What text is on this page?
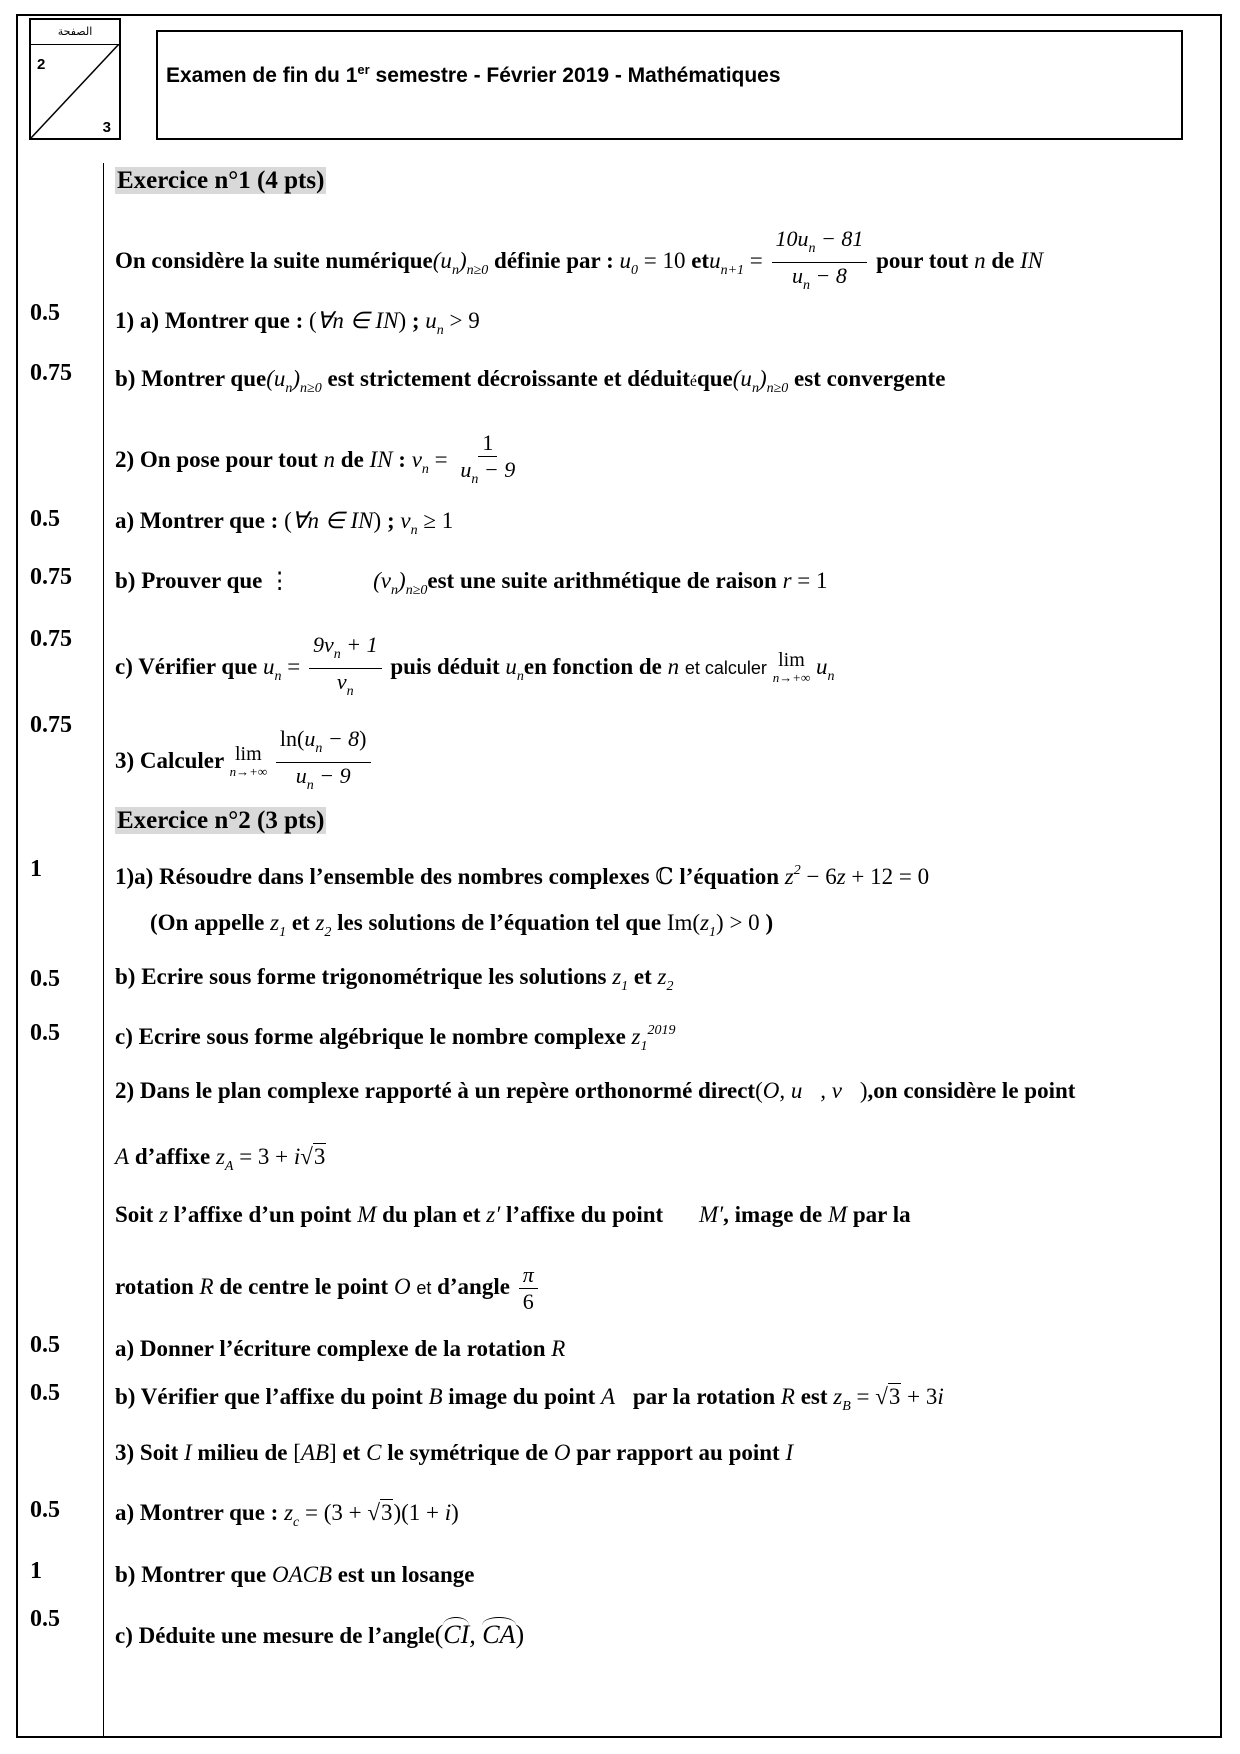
الصفحة
2
3
Examen de fin du 1er semestre - Février 2019 - Mathématiques
0.5
0.75
0.5
0.75
0.75
0.75
1
0.5
0.5
0.5
0.5
0.5
1
0.5
Exercice n°1 (4 pts)
On considère la suite $numérique(u_n)_{n\ge 0}$ définie par : $u_0 = 10$ $etu_{n+1} = \frac{10u_n - 81}{u_n - 8}$ pour tout n de IN
1) a) Montrer que : (∀n ∈ IN) ; $u_n > 9$
b) Montrer $que(u_n)_{n\ge 0}$ est strictement décroissante et $déduitéque(u_n)_{n\ge 0}$ est convergente
2) On pose pour tout n de IN : $v_n = \frac{1}{u_n - 9}$
a) Montrer que : (∀n ∈ IN) ; $v_n \ge 1$
b) Prouver que ⋮	$(v_n)_{n\ge 0}est$ une suite arithmétique de raison r = 1
c) Vérifier que $u_n = \frac{9v_n + 1}{v_n}$ puis déduit $u_nen$ fonction de n et calculer lim
n→+∞ $u_n$
3) Calculer lim
n→+∞
$\frac{\ln(u_n - 8)}{u_n - 9}$
Exercice n°2 (3 pts)
1)a) Résoudre dans l’ensemble des nombres complexes ℂ l’équation $z^2 - 6z + 12 = 0$
(On appelle $z_1$ et $z_2$ les solutions de l’équation tel que $Im(z_1) > 0$ )
b) Ecrire sous forme trigonométrique les solutions $z_1$ et $z_2$
c) Ecrire sous forme algébrique le nombre complexe $z_1^{2019}$
2) Dans le plan complexe rapporté à un repère orthonormé direct(O, u⃗, v⃗),on considère le point
A d’affixe $z_A = 3 + i√3$
Soit z l’affixe d’un point M du plan et z′ l’affixe du point M′, image de M par la
rotation R de centre le point O et d’angle $\frac{\pi}{6}$
a) Donner l’écriture complexe de la rotation R
b) Vérifier que l’affixe du point B image du point A par la rotation R est $z_B = √3 + 3i$
3) Soit I milieu de [AB] et C le symétrique de O par rapport au point I
a) Montrer que : $z_c = (3 + √3)(1 + i)$
b) Montrer que OACB est un losange
c) Déduite une mesure de l’angle(CI, CA)
